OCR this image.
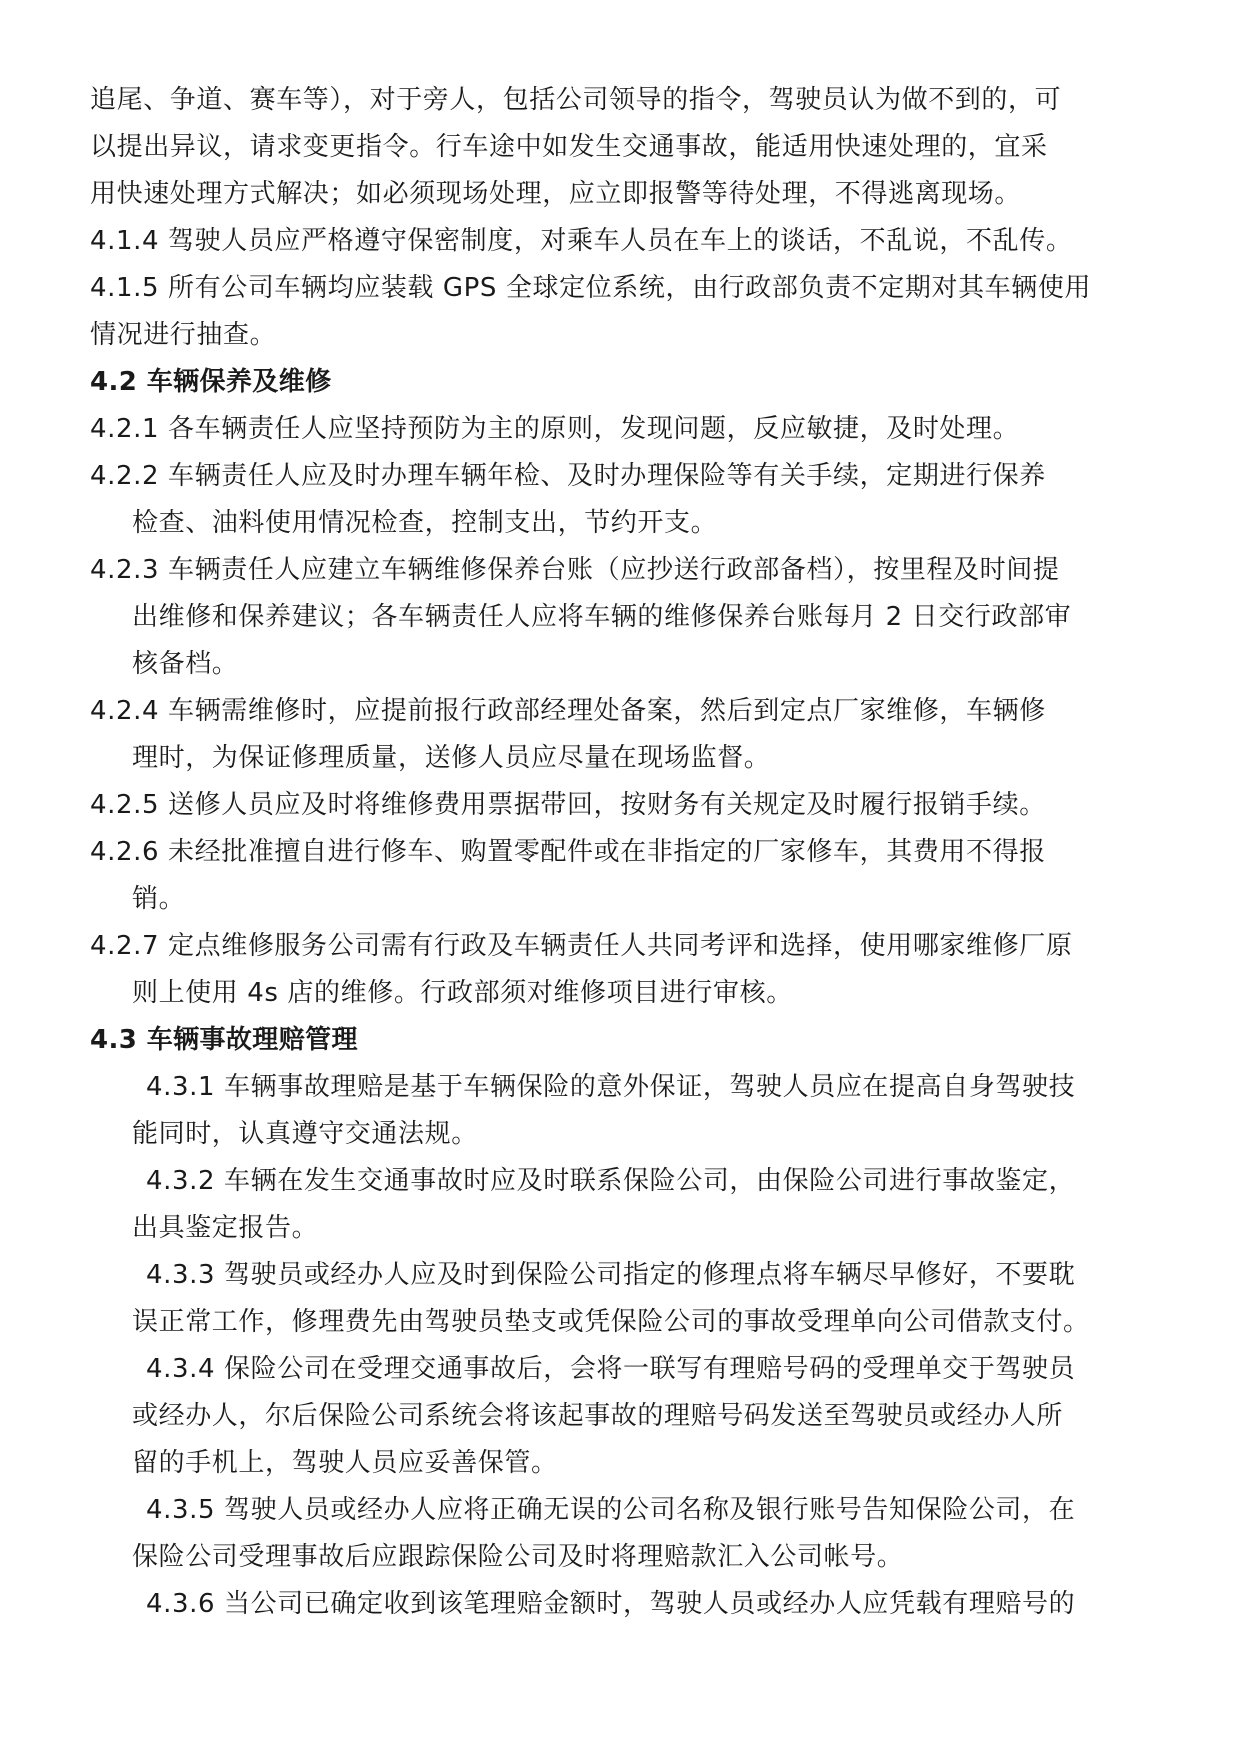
追尾、争道、赛车等），对于旁人，包括公司领导的指令，驾驶员认为做不到的，可
以提出异议，请求变更指令。行车途中如发生交通事故，能适用快速处理的，宜采
用快速处理方式解决；如必须现场处理，应立即报警等待处理，不得逃离现场。
4.1.4 驾驶人员应严格遵守保密制度，对乘车人员在车上的谈话，不乱说，不乱传。
4.1.5 所有公司车辆均应装载 GPS 全球定位系统，由行政部负责不定期对其车辆使用
情况进行抽查。
4.2 车辆保养及维修
4.2.1 各车辆责任人应坚持预防为主的原则，发现问题，反应敏捷，及时处理。
4.2.2 车辆责任人应及时办理车辆年检、及时办理保险等有关手续，定期进行保养
检查、油料使用情况检查，控制支出，节约开支。
4.2.3 车辆责任人应建立车辆维修保养台账（应抄送行政部备档），按里程及时间提
出维修和保养建议；各车辆责任人应将车辆的维修保养台账每月 2 日交行政部审
核备档。
4.2.4 车辆需维修时，应提前报行政部经理处备案，然后到定点厂家维修，车辆修
理时，为保证修理质量，送修人员应尽量在现场监督。
4.2.5 送修人员应及时将维修费用票据带回，按财务有关规定及时履行报销手续。
4.2.6 未经批准擅自进行修车、购置零配件或在非指定的厂家修车，其费用不得报
销。
4.2.7 定点维修服务公司需有行政及车辆责任人共同考评和选择，使用哪家维修厂原
则上使用 4s 店的维修。行政部须对维修项目进行审核。
4.3 车辆事故理赔管理
4.3.1 车辆事故理赔是基于车辆保险的意外保证，驾驶人员应在提高自身驾驶技
能同时，认真遵守交通法规。
4.3.2 车辆在发生交通事故时应及时联系保险公司，由保险公司进行事故鉴定，
出具鉴定报告。
4.3.3 驾驶员或经办人应及时到保险公司指定的修理点将车辆尽早修好，不要耽
误正常工作，修理费先由驾驶员垫支或凭保险公司的事故受理单向公司借款支付。
4.3.4 保险公司在受理交通事故后，会将一联写有理赔号码的受理单交于驾驶员
或经办人，尔后保险公司系统会将该起事故的理赔号码发送至驾驶员或经办人所
留的手机上，驾驶人员应妥善保管。
4.3.5 驾驶人员或经办人应将正确无误的公司名称及银行账号告知保险公司，在
保险公司受理事故后应跟踪保险公司及时将理赔款汇入公司帐号。
4.3.6 当公司已确定收到该笔理赔金额时，驾驶人员或经办人应凭载有理赔号的
